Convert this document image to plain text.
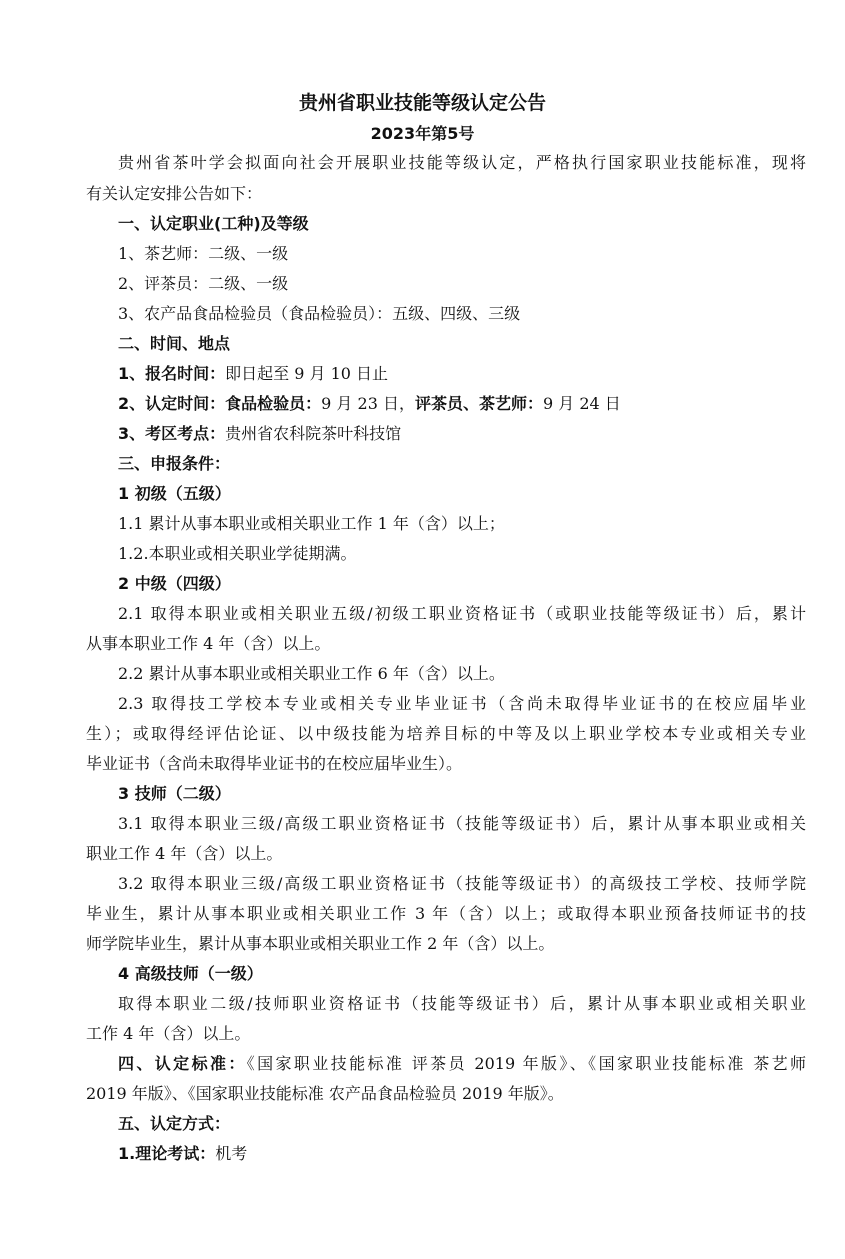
贵州省职业技能等级认定公告
2023年第5号
贵州省茶叶学会拟面向社会开展职业技能等级认定，严格执行国家职业技能标准，现将
有关认定安排公告如下：
一、认定职业(工种)及等级
1、茶艺师：二级、一级
2、评茶员：二级、一级
3、农产品食品检验员（食品检验员）：五级、四级、三级
二、时间、地点
1、报名时间：即日起至 9 月 10 日止
2、认定时间：食品检验员：9 月 23 日，评茶员、茶艺师：9 月 24 日
3、考区考点：贵州省农科院茶叶科技馆
三、申报条件：
1 初级（五级）
1.1 累计从事本职业或相关职业工作 1 年（含）以上；
1.2.本职业或相关职业学徒期满。
2 中级（四级）
2.1 取得本职业或相关职业五级/初级工职业资格证书（或职业技能等级证书）后，累计
从事本职业工作 4 年（含）以上。
2.2 累计从事本职业或相关职业工作 6 年（含）以上。
2.3 取得技工学校本专业或相关专业毕业证书（含尚未取得毕业证书的在校应届毕业
生）；或取得经评估论证、以中级技能为培养目标的中等及以上职业学校本专业或相关专业
毕业证书（含尚未取得毕业证书的在校应届毕业生）。
3 技师（二级）
3.1 取得本职业三级/高级工职业资格证书（技能等级证书）后，累计从事本职业或相关
职业工作 4 年（含）以上。
3.2 取得本职业三级/高级工职业资格证书（技能等级证书）的高级技工学校、技师学院
毕业生，累计从事本职业或相关职业工作 3 年（含）以上；或取得本职业预备技师证书的技
师学院毕业生，累计从事本职业或相关职业工作 2 年（含）以上。
4 高级技师（一级）
取得本职业二级/技师职业资格证书（技能等级证书）后，累计从事本职业或相关职业
工作 4 年（含）以上。
四、认定标准：《国家职业技能标准 评茶员 2019 年版》、《国家职业技能标准 茶艺师
2019 年版》、《国家职业技能标准 农产品食品检验员 2019 年版》。
五、认定方式：
1.理论考试：机考
